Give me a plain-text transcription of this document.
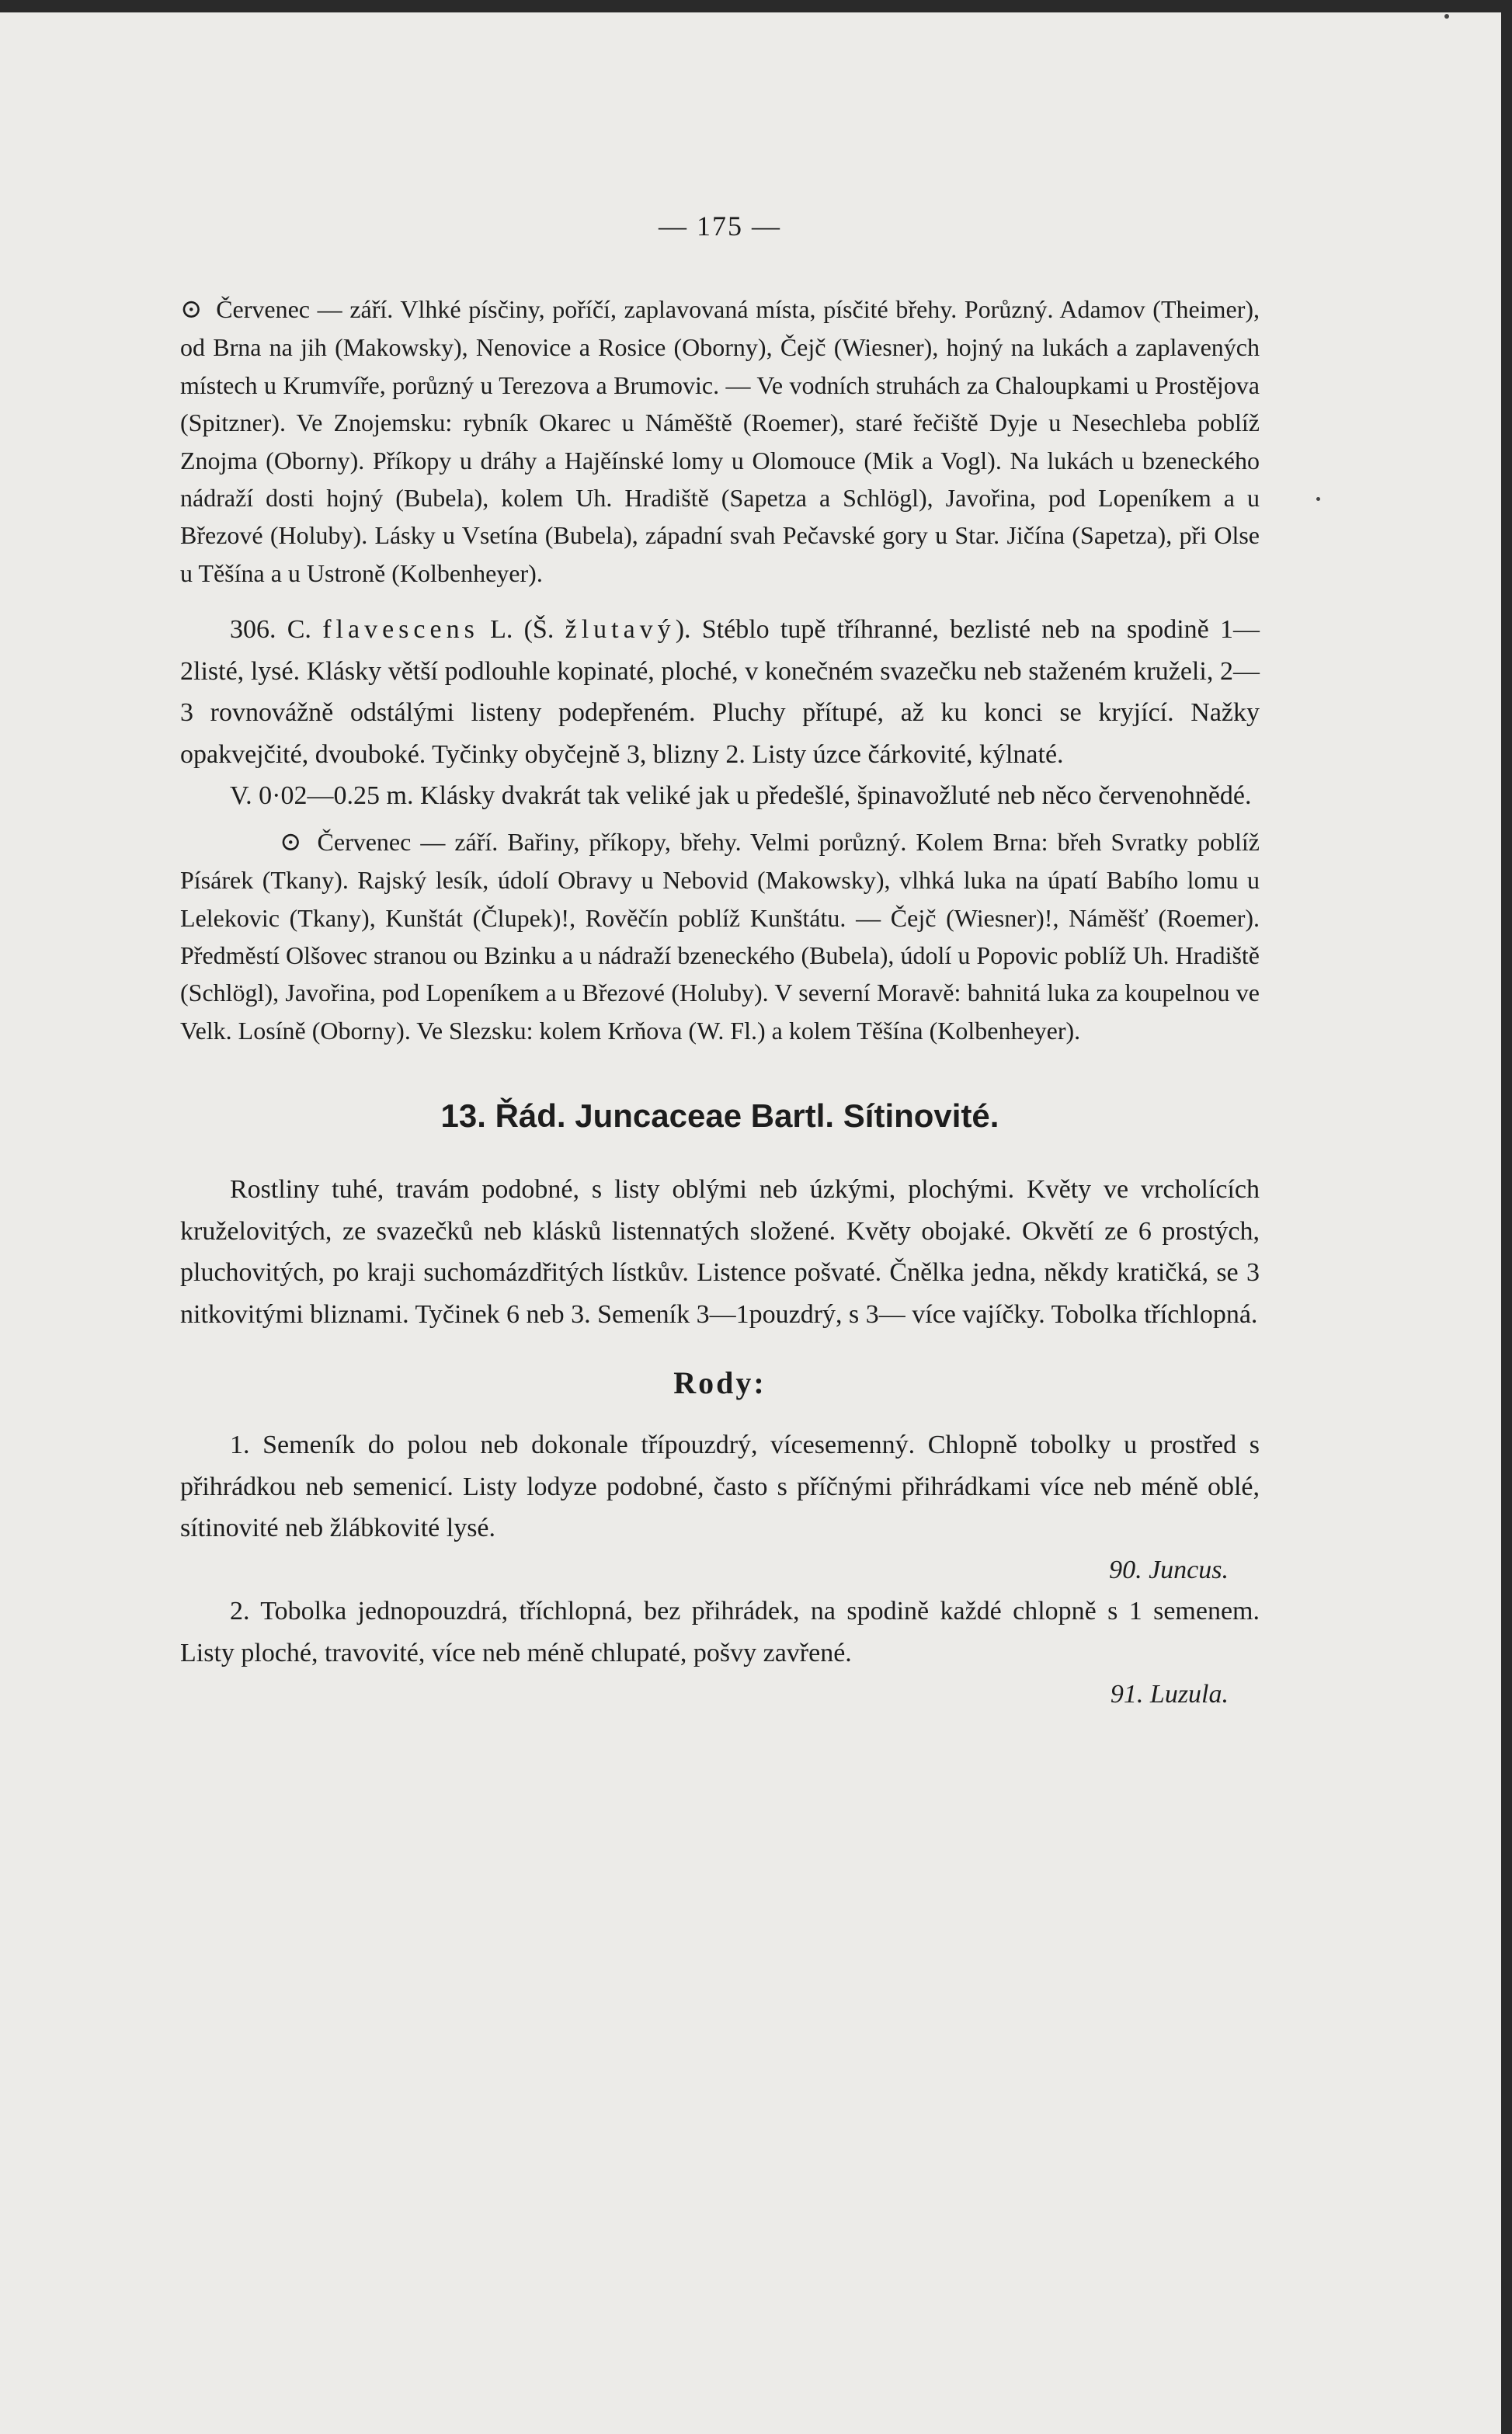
— 175 —

⊙ Červenec — září. Vlhké písčiny, poříčí, zaplavovaná místa, písčité břehy. Porůzný. Adamov (Theimer), od Brna na jih (Makowsky), Nenovice a Rosice (Oborny), Čejč (Wiesner), hojný na lukách a zaplavených místech u Krumvíře, porůzný u Terezova a Brumovic. — Ve vodních struhách za Chaloupkami u Prostějova (Spitzner). Ve Znojemsku: rybník Okarec u Náměště (Roemer), staré řečiště Dyje u Nesechleba poblíž Znojma (Oborny). Příkopy u dráhy a Hajěínské lomy u Olomouce (Mik a Vogl). Na lukách u bzeneckého nádraží dosti hojný (Bubela), kolem Uh. Hradiště (Sapetza a Schlögl), Javořina, pod Lopeníkem a u Březové (Holuby). Lásky u Vsetína (Bubela), západní svah Pečavské gory u Star. Jičína (Sapetza), při Olse u Těšína a u Ustroně (Kolbenheyer).

306. C. flavescens L. (Š. žlutavý). Stéblo tupě tříhranné, bezlisté neb na spodině 1—2listé, lysé. Klásky větší podlouhle kopinaté, ploché, v konečném svazečku neb staženém kruželi, 2—3 rovnovážně odstálými listeny podepřeném. Pluchy přítupé, až ku konci se kryjící. Nažky opakvejčité, dvouboké. Tyčinky obyčejně 3, blizny 2. Listy úzce čárkovité, kýlnaté.

V. 0·02—0.25 m. Klásky dvakrát tak veliké jak u předešlé, špinavožluté neb něco červenohnědé.

⊙ Červenec — září. Bařiny, příkopy, břehy. Velmi porůzný. Kolem Brna: břeh Svratky poblíž Písárek (Tkany). Rajský lesík, údolí Obravy u Nebovid (Makowsky), vlhká luka na úpatí Babího lomu u Lelekovic (Tkany), Kunštát (Člupek)!, Rověčín poblíž Kunštátu. — Čejč (Wiesner)!, Náměšť (Roemer). Předměstí Olšovec stranou ou Bzinku a u nádraží bzeneckého (Bubela), údolí u Popovic poblíž Uh. Hradiště (Schlögl), Javořina, pod Lopeníkem a u Březové (Holuby). V severní Moravě: bahnitá luka za koupelnou ve Velk. Losíně (Oborny). Ve Slezsku: kolem Krňova (W. Fl.) a kolem Těšína (Kolbenheyer).

13. Řád. Juncaceae Bartl. Sítinovité.

Rostliny tuhé, travám podobné, s listy oblými neb úzkými, plochými. Květy ve vrcholících kruželovitých, ze svazečků neb klásků listennatých složené. Květy obojaké. Okvětí ze 6 prostých, pluchovitých, po kraji suchomázdřitých lístkův. Listence pošvaté. Čnělka jedna, někdy kratičká, se 3 nitkovitými bliznami. Tyčinek 6 neb 3. Semeník 3—1pouzdrý, s 3— více vajíčky. Tobolka tříchlopná.

Rody:

1. Semeník do polou neb dokonale třípouzdrý, vícesemenný. Chlopně tobolky u prostřed s přihrádkou neb semenicí. Listy lodyze podobné, často s příčnými přihrádkami více neb méně oblé, sítinovité neb žlábkovité lysé.

90. Juncus.

2. Tobolka jednopouzdrá, tříchlopná, bez přihrádek, na spodině každé chlopně s 1 semenem. Listy ploché, travovité, více neb méně chlupaté, pošvy zavřené.

91. Luzula.
